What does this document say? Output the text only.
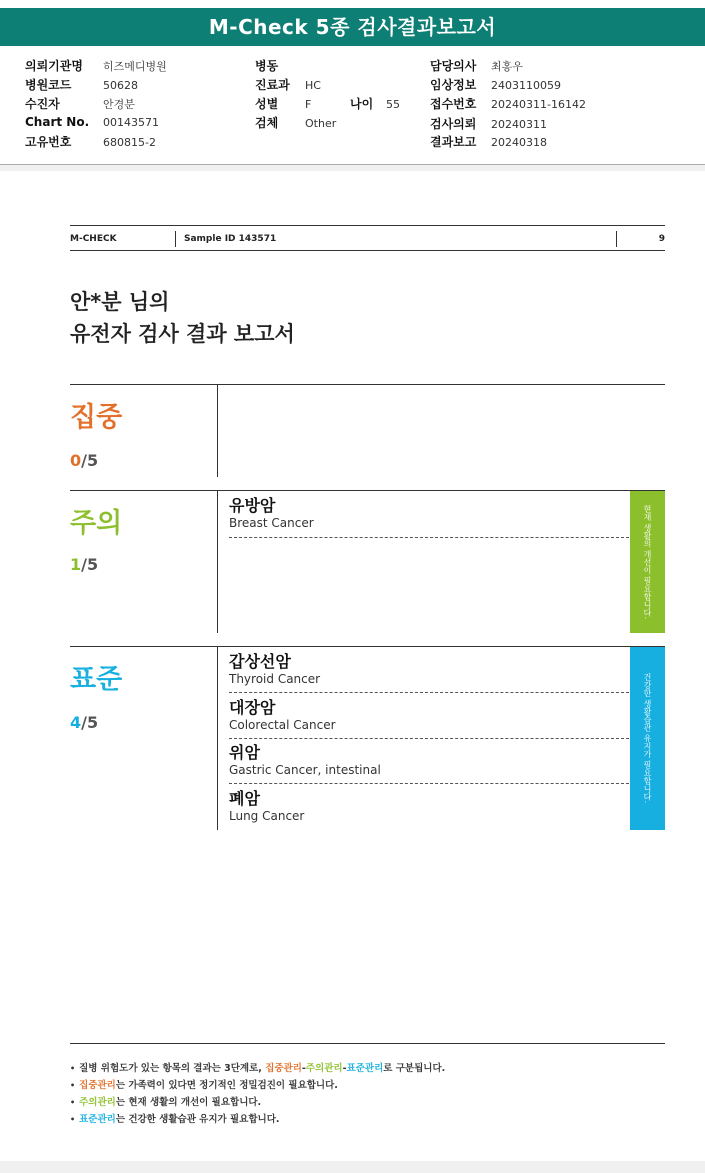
M-Check 5종 검사결과보고서
의뢰기관명 히즈메디병원
병원코드	50628
수진자	안경분
Chart No. 00143571
고유번호	680815-2
병동
진료과 HC
성별 F	나이 55
검체 Other
담당의사 최홍우
임상정보 2403110059
접수번호 20240311-16142
검사의뢰 20240311
결과보고 20240318
M-CHECK	Sample ID 143571	9
안*분 님의
유전자 검사 결과 보고서
집중
0/5
주의
1/5	현재 생활의 개선이 필요합니다.
유방암
Breast Cancer
표준
4/5	건강한 생활습관 유지가 필요합니다.
갑상선암
Thyroid Cancer
대장암
Colorectal Cancer
위암
Gastric Cancer, intestinal
폐암
Lung Cancer
• 질병 위험도가 있는 항목의 결과는 3단계로, 집중관리-주의관리-표준관리로 구분됩니다.
• 집중관리는 가족력이 있다면 정기적인 정밀검진이 필요합니다.
• 주의관리는 현재 생활의 개선이 필요합니다.
• 표준관리는 건강한 생활습관 유지가 필요합니다.
